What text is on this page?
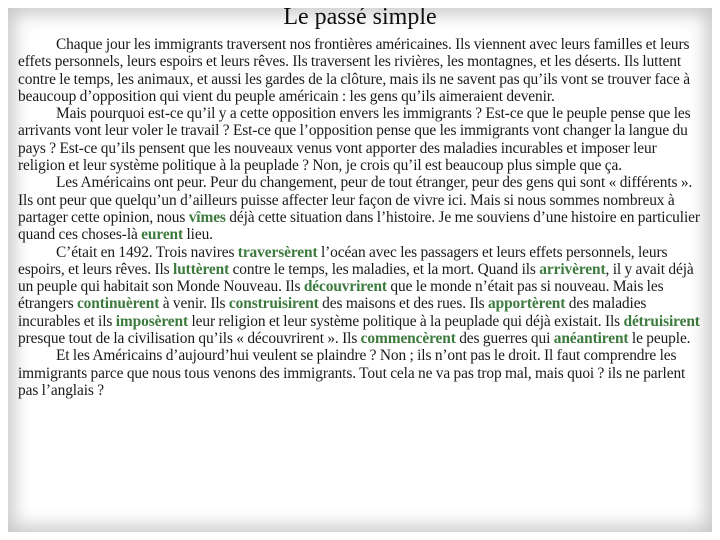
Le passé simple

Chaque jour les immigrants traversent nos frontières américaines. Ils viennent avec leurs familles et leurs effets personnels, leurs espoirs et leurs rêves. Ils traversent les rivières, les montagnes, et les déserts. Ils luttent contre le temps, les animaux, et aussi les gardes de la clôture, mais ils ne savent pas qu’ils vont se trouver face à beaucoup d’opposition qui vient du peuple américain : les gens qu’ils aimeraient devenir.

Mais pourquoi est-ce qu’il y a cette opposition envers les immigrants ? Est-ce que le peuple pense que les arrivants vont leur voler le travail ? Est-ce que l’opposition pense que les immigrants vont changer la langue du pays ? Est-ce qu’ils pensent que les nouveaux venus vont apporter des maladies incurables et imposer leur religion et leur système politique à la peuplade ? Non, je crois qu’il est beaucoup plus simple que ça.

Les Américains ont peur. Peur du changement, peur de tout étranger, peur des gens qui sont « différents ». Ils ont peur que quelqu’un d’ailleurs puisse affecter leur façon de vivre ici. Mais si nous sommes nombreux à partager cette opinion, nous vîmes déjà cette situation dans l’histoire. Je me souviens d’une histoire en particulier quand ces choses-là eurent lieu.

C’était en 1492. Trois navires traversèrent l’océan avec les passagers et leurs effets personnels, leurs espoirs, et leurs rêves. Ils luttèrent contre le temps, les maladies, et la mort. Quand ils arrivèrent, il y avait déjà un peuple qui habitait son Monde Nouveau. Ils découvrirent que le monde n’était pas si nouveau. Mais les étrangers continuèrent à venir. Ils construisirent des maisons et des rues. Ils apportèrent des maladies incurables et ils imposèrent leur religion et leur système politique à la peuplade qui déjà existait. Ils détruisirent presque tout de la civilisation qu’ils « découvrirent ». Ils commencèrent des guerres qui anéantirent le peuple.

Et les Américains d’aujourd’hui veulent se plaindre ? Non ; ils n’ont pas le droit. Il faut comprendre les immigrants parce que nous tous venons des immigrants. Tout cela ne va pas trop mal, mais quoi ? ils ne parlent pas l’anglais ?
